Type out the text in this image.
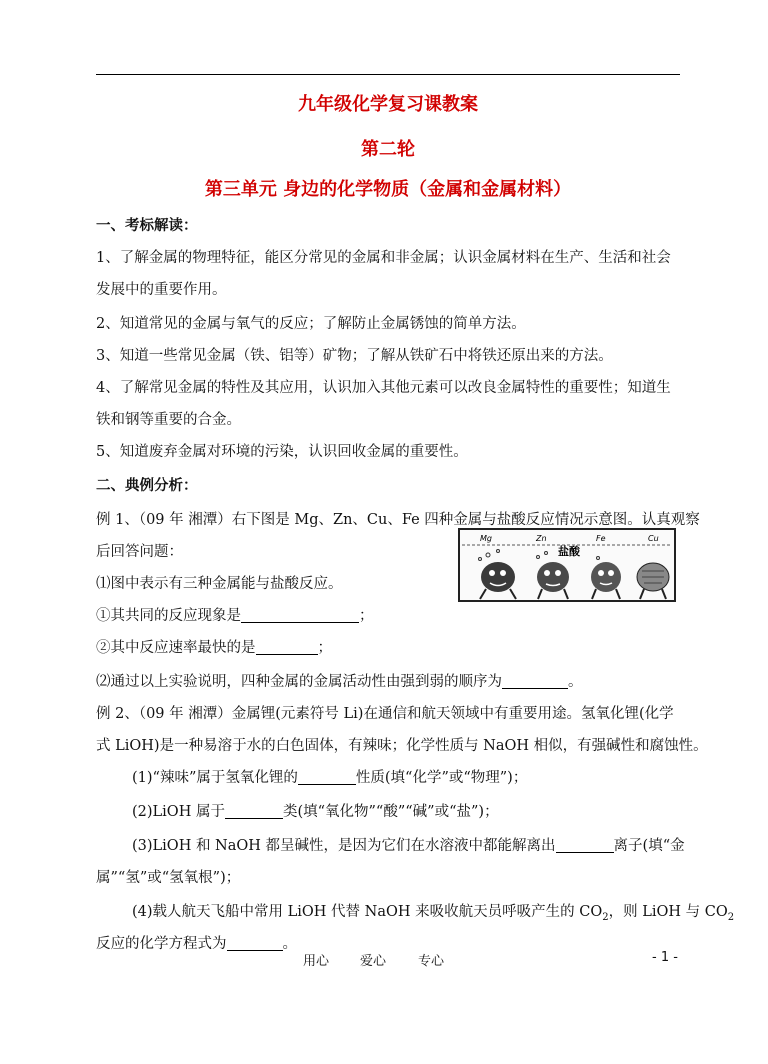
九年级化学复习课教案
第二轮
第三单元 身边的化学物质（金属和金属材料）
一、考标解读：
1、了解金属的物理特征，能区分常见的金属和非金属；认识金属材料在生产、生活和社会
发展中的重要作用。
2、知道常见的金属与氧气的反应；了解防止金属锈蚀的简单方法。
3、知道一些常见金属（铁、铝等）矿物；了解从铁矿石中将铁还原出来的方法。
4、了解常见金属的特性及其应用，认识加入其他元素可以改良金属特性的重要性；知道生
铁和钢等重要的合金。
5、知道废弃金属对环境的污染，认识回收金属的重要性。
二、典例分析：
例 1、（09 年 湘潭）右下图是 Mg、Zn、Cu、Fe 四种金属与盐酸反应情况示意图。认真观察
后回答问题：
⑴图中表示有三种金属能与盐酸反应。
①其共同的反应现象是	；
②其中反应速率最快的是	；
⑵通过以上实验说明，四种金属的金属活动性由强到弱的顺序为	。
Mg	Zn	Fe	Cu
盐酸
例 2、（09 年 湘潭）金属锂(元素符号 Li)在通信和航天领域中有重要用途。氢氧化锂(化学
式 LiOH)是一种易溶于水的白色固体，有辣味；化学性质与 NaOH 相似，有强碱性和腐蚀性。
(1)“辣味”属于氢氧化锂的	性质(填“化学”或“物理”)；
(2)LiOH 属于	类(填“氧化物”“酸”“碱”或“盐”)；
(3)LiOH 和 NaOH 都呈碱性，是因为它们在水溶液中都能解离出	离子(填“金
属”“氢”或“氢氧根”)；
(4)载人航天飞船中常用 LiOH 代替 NaOH 来吸收航天员呼吸产生的 $CO_2$，则 LiOH 与 $CO_2$
反应的化学方程式为	。
用心 爱心 专心	- 1 -
